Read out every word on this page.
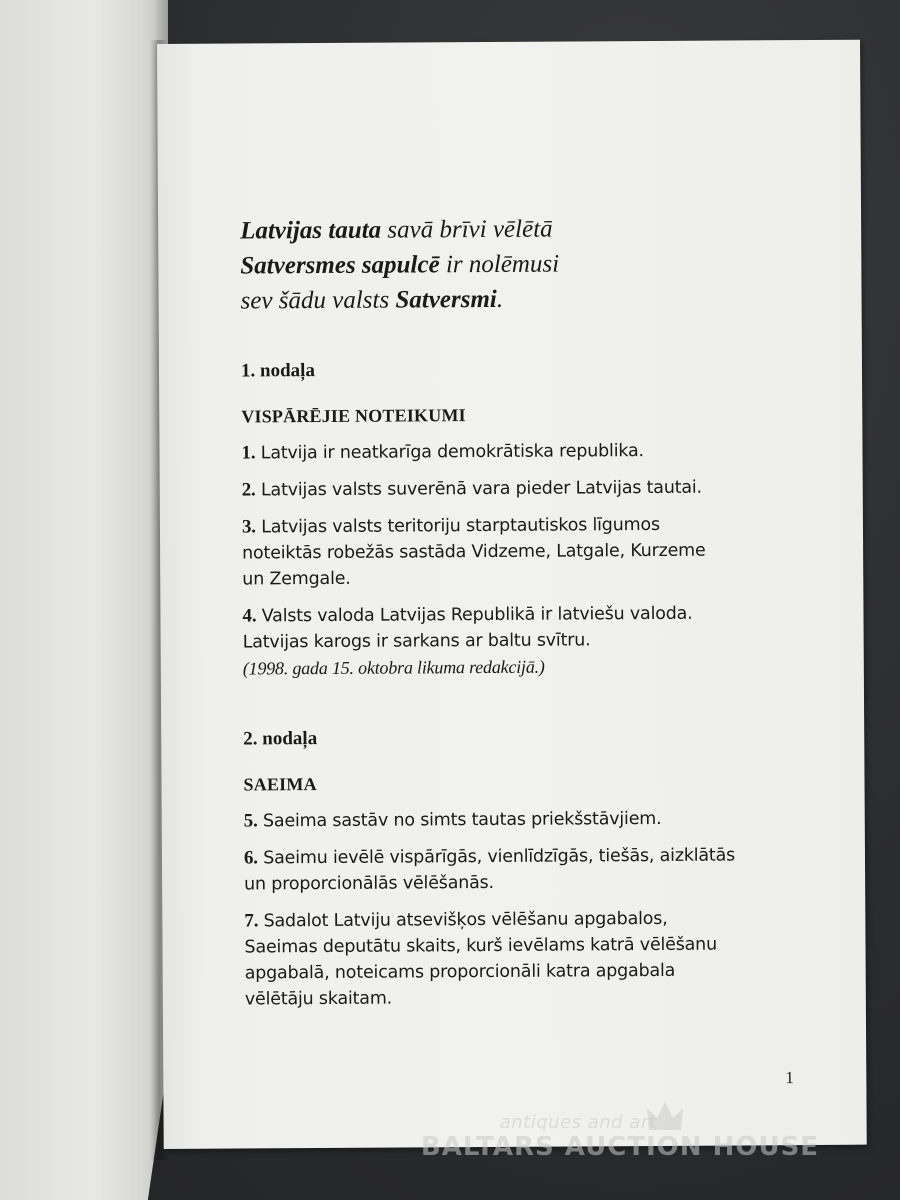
Latvijas tauta savā brīvi vēlētā
Satversmes sapulcē ir nolēmusi
sev šādu valsts Satversmi.

1. nodaļa
VISPĀRĒJIE NOTEIKUMI
1. Latvija ir neatkarīga demokrātiska republika.
2. Latvijas valsts suverēnā vara pieder Latvijas tautai.
3. Latvijas valsts teritoriju starptautiskos līgumos
noteiktās robežās sastāda Vidzeme, Latgale, Kurzeme
un Zemgale.
4. Valsts valoda Latvijas Republikā ir latviešu valoda.
Latvijas karogs ir sarkans ar baltu svītru.
(1998. gada 15. oktobra likuma redakcijā.)
2. nodaļa
SAEIMA
5. Saeima sastāv no simts tautas priekšstāvjiem.
6. Saeimu ievēlē vispārīgās, vienlīdzīgās, tiešās, aizklātās
un proporcionālās vēlēšanās.
7. Sadalot Latviju atsevišķos vēlēšanu apgabalos,
Saeimas deputātu skaits, kurš ievēlams katrā vēlēšanu
apgabalā, noteicams proporcionāli katra apgabala
vēlētāju skaitam.
1
antiques and art
BALTARS AUCTION HOUSE
